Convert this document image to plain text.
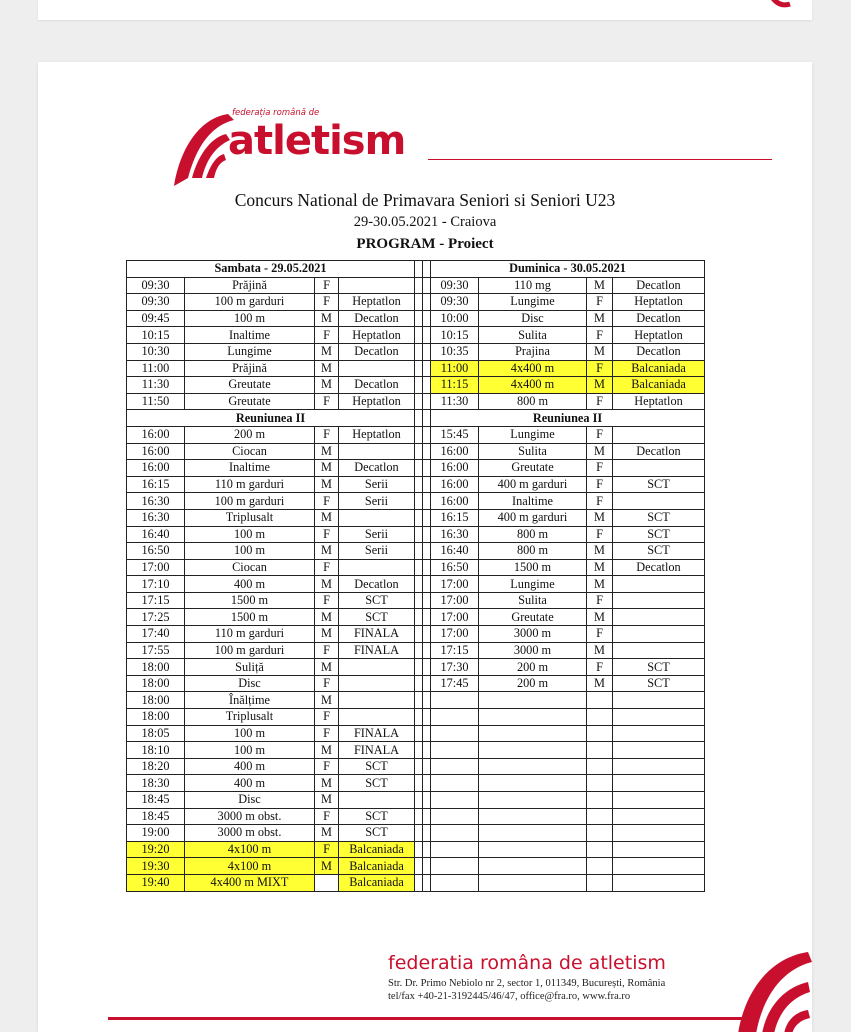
federația română de
atletism
Concurs National de Primavara Seniori si Seniori U23
29-30.05.2021 - Craiova
PROGRAM - Proiect
Sambata - 29.05.2021						Duminica - 30.05.2021			
09:30	Prăjină	F				09:30	110 mg	M	Decatlon
09:30	100 m garduri	F	Heptatlon			09:30	Lungime	F	Heptatlon
09:45	100 m	M	Decatlon			10:00	Disc	M	Decatlon
10:15	Inaltime	F	Heptatlon			10:15	Sulita	F	Heptatlon
10:30	Lungime	M	Decatlon			10:35	Prajina	M	Decatlon
11:00	Prăjină	M				11:00	4x400 m	F	Balcaniada
11:30	Greutate	M	Decatlon			11:15	4x400 m	M	Balcaniada
11:50	Greutate	F	Heptatlon			11:30	800 m	F	Heptatlon
Reuniunea II						Reuniunea II			
16:00	200 m	F	Heptatlon			15:45	Lungime	F	
16:00	Ciocan	M				16:00	Sulita	M	Decatlon
16:00	Inaltime	M	Decatlon			16:00	Greutate	F	
16:15	110 m garduri	M	Serii			16:00	400 m garduri	F	SCT
16:30	100 m garduri	F	Serii			16:00	Inaltime	F	
16:30	Triplusalt	M				16:15	400 m garduri	M	SCT
16:40	100 m	F	Serii			16:30	800 m	F	SCT
16:50	100 m	M	Serii			16:40	800 m	M	SCT
17:00	Ciocan	F				16:50	1500 m	M	Decatlon
17:10	400 m	M	Decatlon			17:00	Lungime	M	
17:15	1500 m	F	SCT			17:00	Sulita	F	
17:25	1500 m	M	SCT			17:00	Greutate	M	
17:40	110 m garduri	M	FINALA			17:00	3000 m	F	
17:55	100 m garduri	F	FINALA			17:15	3000 m	M	
18:00	Suliță	M				17:30	200 m	F	SCT
18:00	Disc	F				17:45	200 m	M	SCT
18:00	Înălțime	M							
18:00	Triplusalt	F							
18:05	100 m	F	FINALA						
18:10	100 m	M	FINALA						
18:20	400 m	F	SCT						
18:30	400 m	M	SCT						
18:45	Disc	M							
18:45	3000 m obst.	F	SCT						
19:00	3000 m obst.	M	SCT						
19:20	4x100 m	F	Balcaniada						
19:30	4x100 m	M	Balcaniada						
19:40	4x400 m MIXT		Balcaniada						
federatia româna de atletism
Str. Dr. Primo Nebiolo nr 2, sector 1, 011349, București, România
tel/fax +40-21-3192445/46/47, office@fra.ro, www.fra.ro
